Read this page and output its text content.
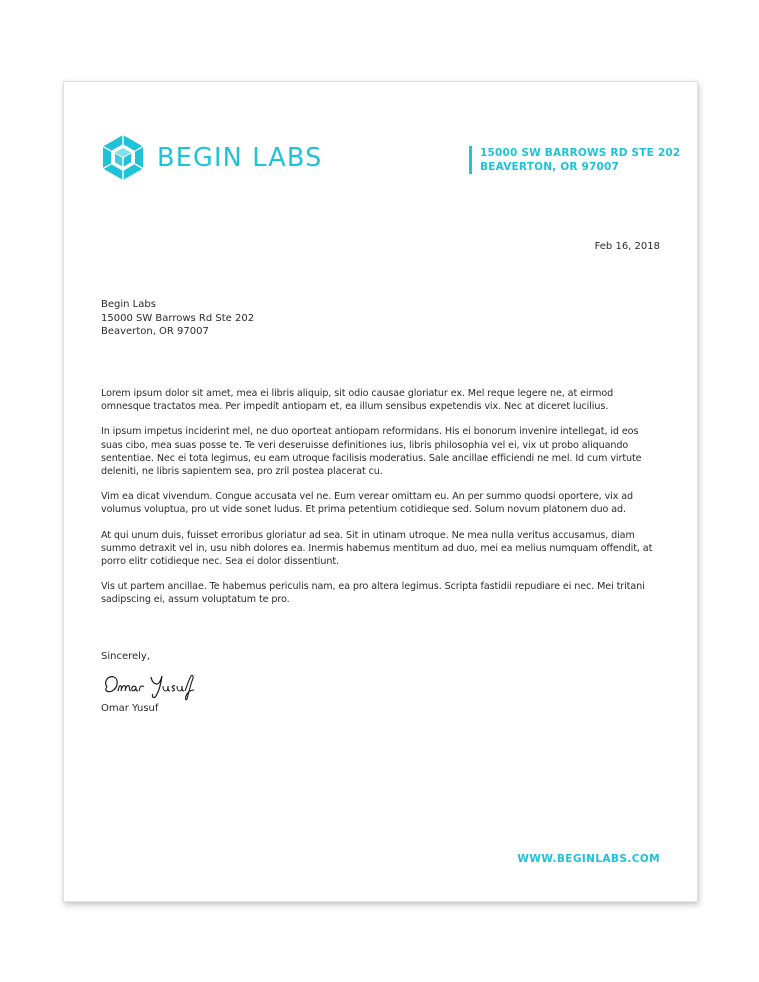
BEGIN LABS	15000 SW BARROWS RD STE 202
BEAVERTON, OR 97007
Feb 16, 2018
Begin Labs
15000 SW Barrows Rd Ste 202
Beaverton, OR 97007

Lorem ipsum dolor sit amet, mea ei libris aliquip, sit odio causae gloriatur ex. Mel reque legere ne, at eirmod omnesque tractatos mea. Per impedit antiopam et, ea illum sensibus expetendis vix. Nec at diceret lucilius.

In ipsum impetus inciderint mel, ne duo oporteat antiopam reformidans. His ei bonorum invenire intellegat, id eos suas cibo, mea suas posse te. Te veri deseruisse definitiones ius, libris philosophia vel ei, vix ut probo aliquando sententiae. Nec ei tota legimus, eu eam utroque facilisis moderatius. Sale ancillae efficiendi ne mel. Id cum virtute deleniti, ne libris sapientem sea, pro zril postea placerat cu.

Vim ea dicat vivendum. Congue accusata vel ne. Eum verear omittam eu. An per summo quodsi oportere, vix ad volumus voluptua, pro ut vide sonet ludus. Et prima petentium cotidieque sed. Solum novum platonem duo ad.

At qui unum duis, fuisset erroribus gloriatur ad sea. Sit in utinam utroque. Ne mea nulla veritus accusamus, diam summo detraxit vel in, usu nibh dolores ea. Inermis habemus mentitum ad duo, mei ea melius numquam offendit, at porro elitr cotidieque nec. Sea ei dolor dissentiunt.

Vis ut partem ancillae. Te habemus periculis nam, ea pro altera legimus. Scripta fastidii repudiare ei nec. Mei tritani sadipscing ei, assum voluptatum te pro.

Sincerely,
Omar Yusuf
WWW.BEGINLABS.COM
